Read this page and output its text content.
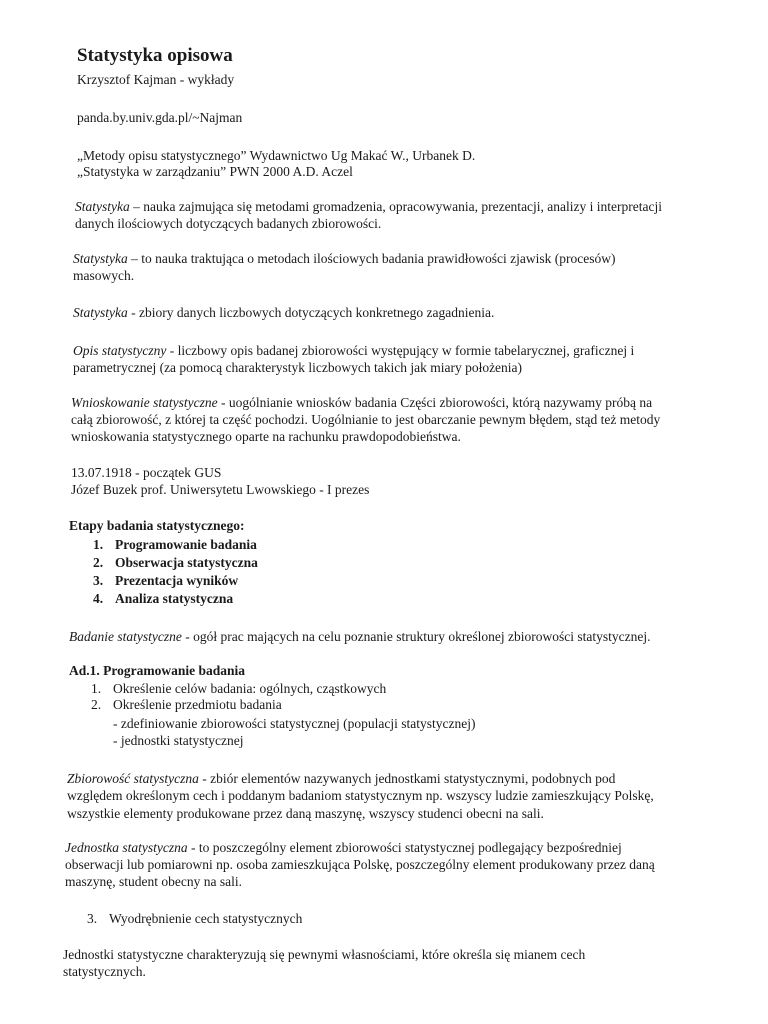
Statystyka opisowa
Krzysztof Kajman - wykłady
panda.by.univ.gda.pl/~Najman
„Metody opisu statystycznego” Wydawnictwo Ug Makać W., Urbanek D.
„Statystyka w zarządzaniu” PWN 2000 A.D. Aczel
Statystyka – nauka zajmująca się metodami gromadzenia, opracowywania, prezentacji, analizy i interpretacji
danych ilościowych dotyczących badanych zbiorowości.
Statystyka – to nauka traktująca o metodach ilościowych badania prawidłowości zjawisk (procesów)
masowych.
Statystyka - zbiory danych liczbowych dotyczących konkretnego zagadnienia.
Opis statystyczny - liczbowy opis badanej zbiorowości występujący w formie tabelarycznej, graficznej i
parametrycznej (za pomocą charakterystyk liczbowych takich jak miary położenia)
Wnioskowanie statystyczne - uogólnianie wniosków badania Części zbiorowości, którą nazywamy próbą na
całą zbiorowość, z której ta część pochodzi. Uogólnianie to jest obarczanie pewnym błędem, stąd też metody
wnioskowania statystycznego oparte na rachunku prawdopodobieństwa.
13.07.1918 - początek GUS
Józef Buzek prof. Uniwersytetu Lwowskiego - I prezes
Etapy badania statystycznego:
1. Programowanie badania
2. Obserwacja statystyczna
3. Prezentacja wyników
4. Analiza statystyczna
Badanie statystyczne - ogół prac mających na celu poznanie struktury określonej zbiorowości statystycznej.
Ad.1. Programowanie badania
1. Określenie celów badania: ogólnych, cząstkowych
2. Określenie przedmiotu badania
- zdefiniowanie zbiorowości statystycznej (populacji statystycznej)
- jednostki statystycznej
Zbiorowość statystyczna - zbiór elementów nazywanych jednostkami statystycznymi, podobnych pod
względem określonym cech i poddanym badaniom statystycznym np. wszyscy ludzie zamieszkujący Polskę,
wszystkie elementy produkowane przez daną maszynę, wszyscy studenci obecni na sali.
Jednostka statystyczna - to poszczególny element zbiorowości statystycznej podlegający bezpośredniej
obserwacji lub pomiarowni np. osoba zamieszkująca Polskę, poszczególny element produkowany przez daną
maszynę, student obecny na sali.
3. Wyodrębnienie cech statystycznych
Jednostki statystyczne charakteryzują się pewnymi własnościami, które określa się mianem cech
statystycznych.
